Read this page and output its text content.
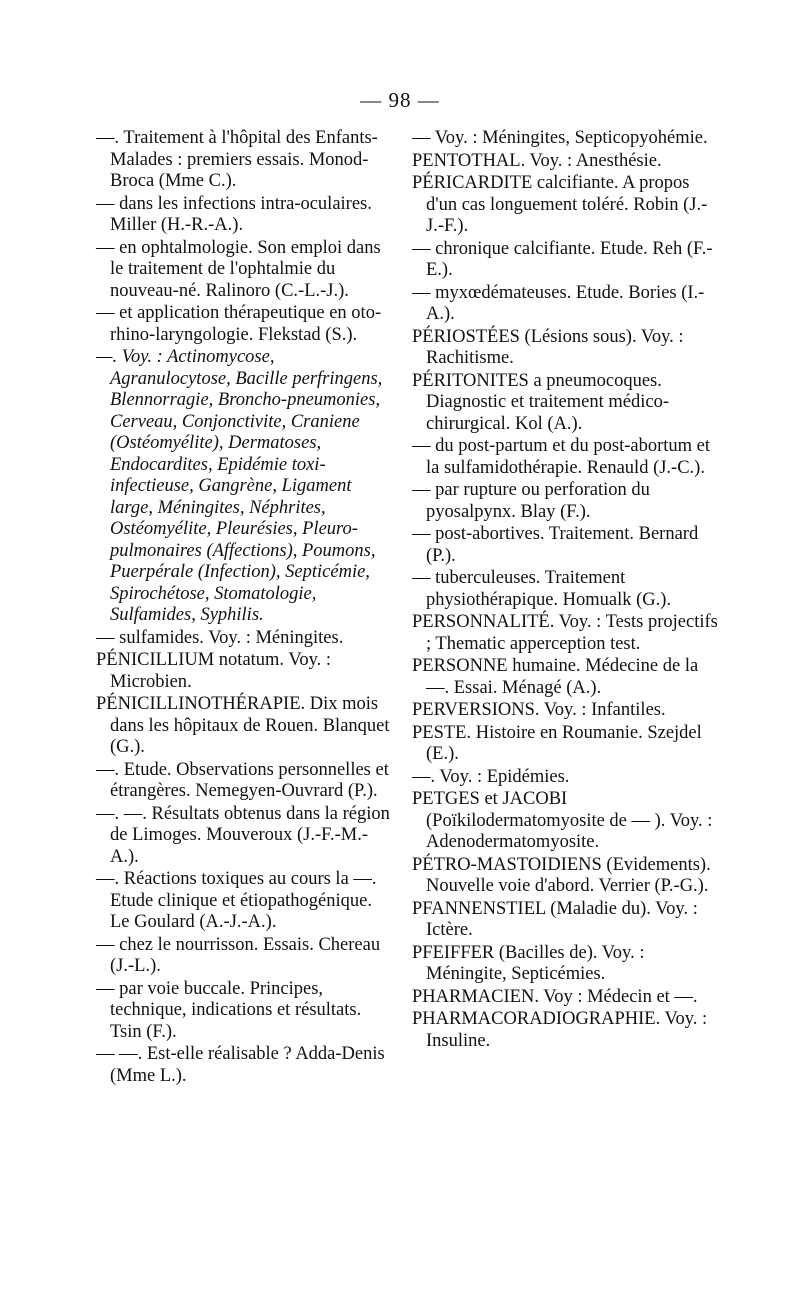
— 98 —

—. Traitement à l'hôpital des Enfants-Malades : premiers essais. Monod-Broca (Mme C.).

— dans les infections intra-oculaires. Miller (H.-R.-A.).

— en ophtalmologie. Son emploi dans le traitement de l'ophtalmie du nouveau-né. Ralinoro (C.-L.-J.).

— et application thérapeutique en oto-rhino-laryngologie. Flekstad (S.).

—. Voy. : Actinomycose, Agranulocytose, Bacille perfringens, Blennorragie, Broncho-pneumonies, Cerveau, Conjonctivite, Craniene (Ostéomyélite), Dermatoses, Endocardites, Epidémie toxi-infectieuse, Gangrène, Ligament large, Méningites, Néphrites, Ostéomyélite, Pleurésies, Pleuro-pulmonaires (Affections), Poumons, Puerpérale (Infection), Septicémie, Spirochétose, Stomatologie, Sulfamides, Syphilis.

— sulfamides. Voy. : Méningites.

PÉNICILLIUM notatum. Voy. : Microbien.

PÉNICILLINOTHÉRAPIE. Dix mois dans les hôpitaux de Rouen. Blanquet (G.).

—. Etude. Observations personnelles et étrangères. Nemegyen-Ouvrard (P.).

—. —. Résultats obtenus dans la région de Limoges. Mouveroux (J.-F.-M.-A.).

—. Réactions toxiques au cours la —. Etude clinique et étiopathogénique. Le Goulard (A.-J.-A.).

— chez le nourrisson. Essais. Chereau (J.-L.).

— par voie buccale. Principes, technique, indications et résultats. Tsin (F.).

— —. Est-elle réalisable ? Adda-Denis (Mme L.).

— Voy. : Méningites, Septicopyohémie.

PENTOTHAL. Voy. : Anesthésie.

PÉRICARDITE calcifiante. A propos d'un cas longuement toléré. Robin (J.-J.-F.).

— chronique calcifiante. Etude. Reh (F.-E.).

— myxœdémateuses. Etude. Bories (I.-A.).

PÉRIOSTÉES (Lésions sous). Voy. : Rachitisme.

PÉRITONITES a pneumocoques. Diagnostic et traitement médico-chirurgical. Kol (A.).

— du post-partum et du post-abortum et la sulfamidothérapie. Renauld (J.-C.).

— par rupture ou perforation du pyosalpynx. Blay (F.).

— post-abortives. Traitement. Bernard (P.).

— tuberculeuses. Traitement physiothérapique. Homualk (G.).

PERSONNALITÉ. Voy. : Tests projectifs ; Thematic apperception test.

PERSONNE humaine. Médecine de la —. Essai. Ménagé (A.).

PERVERSIONS. Voy. : Infantiles.

PESTE. Histoire en Roumanie. Szejdel (E.).

—. Voy. : Epidémies.

PETGES et JACOBI (Poïkilodermatomyosite de — ). Voy. : Adenodermatomyosite.

PÉTRO-MASTOIDIENS (Evidements). Nouvelle voie d'abord. Verrier (P.-G.).

PFANNENSTIEL (Maladie du). Voy. : Ictère.

PFEIFFER (Bacilles de). Voy. : Méningite, Septicémies.

PHARMACIEN. Voy : Médecin et —.

PHARMACORADIOGRAPHIE. Voy. : Insuline.
